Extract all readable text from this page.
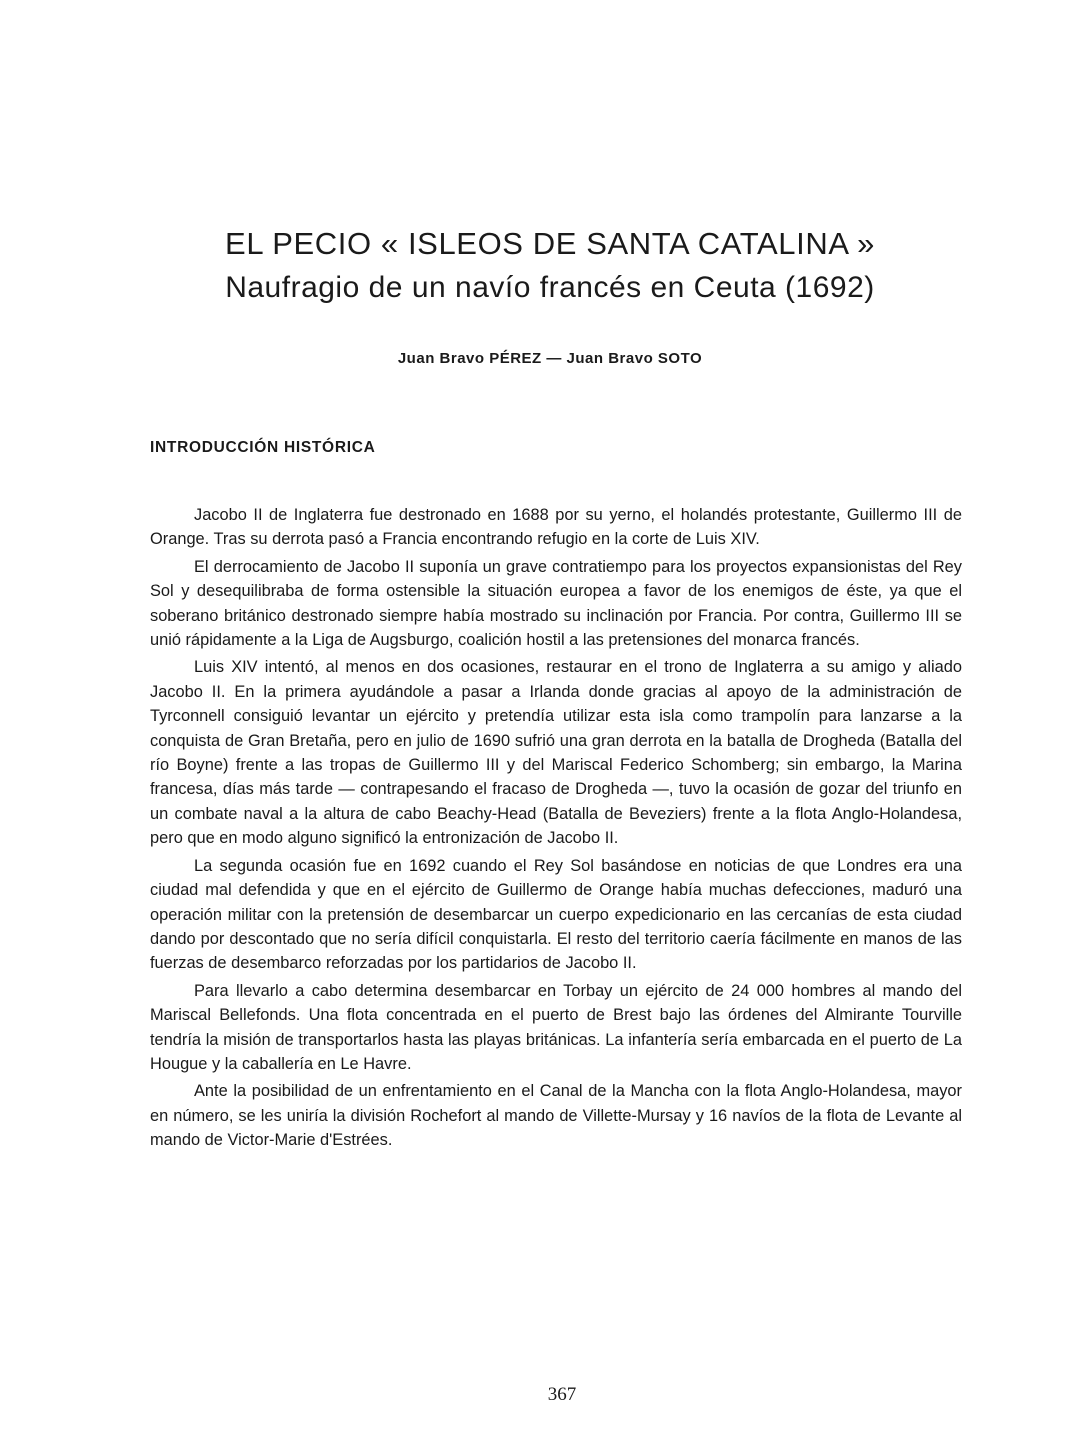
EL PECIO « ISLEOS DE SANTA CATALINA »
Naufragio de un navío francés en Ceuta (1692)
Juan Bravo PÉREZ — Juan Bravo SOTO
INTRODUCCIÓN HISTÓRICA

Jacobo II de Inglaterra fue destronado en 1688 por su yerno, el holandés protestante, Guillermo III de Orange. Tras su derrota pasó a Francia encontrando refugio en la corte de Luis XIV.

El derrocamiento de Jacobo II suponía un grave contratiempo para los proyectos expansionistas del Rey Sol y desequilibraba de forma ostensible la situación europea a favor de los enemigos de éste, ya que el soberano británico destronado siempre había mostrado su inclinación por Francia. Por contra, Guillermo III se unió rápidamente a la Liga de Augsburgo, coalición hostil a las pretensiones del monarca francés.

Luis XIV intentó, al menos en dos ocasiones, restaurar en el trono de Inglaterra a su amigo y aliado Jacobo II. En la primera ayudándole a pasar a Irlanda donde gracias al apoyo de la administración de Tyrconnell consiguió levantar un ejército y pretendía utilizar esta isla como trampolín para lanzarse a la conquista de Gran Bretaña, pero en julio de 1690 sufrió una gran derrota en la batalla de Drogheda (Batalla del río Boyne) frente a las tropas de Guillermo III y del Mariscal Federico Schomberg; sin embargo, la Marina francesa, días más tarde — contrapesando el fracaso de Drogheda —, tuvo la ocasión de gozar del triunfo en un combate naval a la altura de cabo Beachy-Head (Batalla de Beveziers) frente a la flota Anglo-Holandesa, pero que en modo alguno significó la entronización de Jacobo II.

La segunda ocasión fue en 1692 cuando el Rey Sol basándose en noticias de que Londres era una ciudad mal defendida y que en el ejército de Guillermo de Orange había muchas defecciones, maduró una operación militar con la pretensión de desembarcar un cuerpo expedicionario en las cercanías de esta ciudad dando por descontado que no sería difícil conquistarla. El resto del territorio caería fácilmente en manos de las fuerzas de desembarco reforzadas por los partidarios de Jacobo II.

Para llevarlo a cabo determina desembarcar en Torbay un ejército de 24 000 hombres al mando del Mariscal Bellefonds. Una flota concentrada en el puerto de Brest bajo las órdenes del Almirante Tourville tendría la misión de transportarlos hasta las playas británicas. La infantería sería embarcada en el puerto de La Hougue y la caballería en Le Havre.

Ante la posibilidad de un enfrentamiento en el Canal de la Mancha con la flota Anglo-Holandesa, mayor en número, se les uniría la división Rochefort al mando de Villette-Mursay y 16 navíos de la flota de Levante al mando de Victor-Marie d'Estrées.

367
